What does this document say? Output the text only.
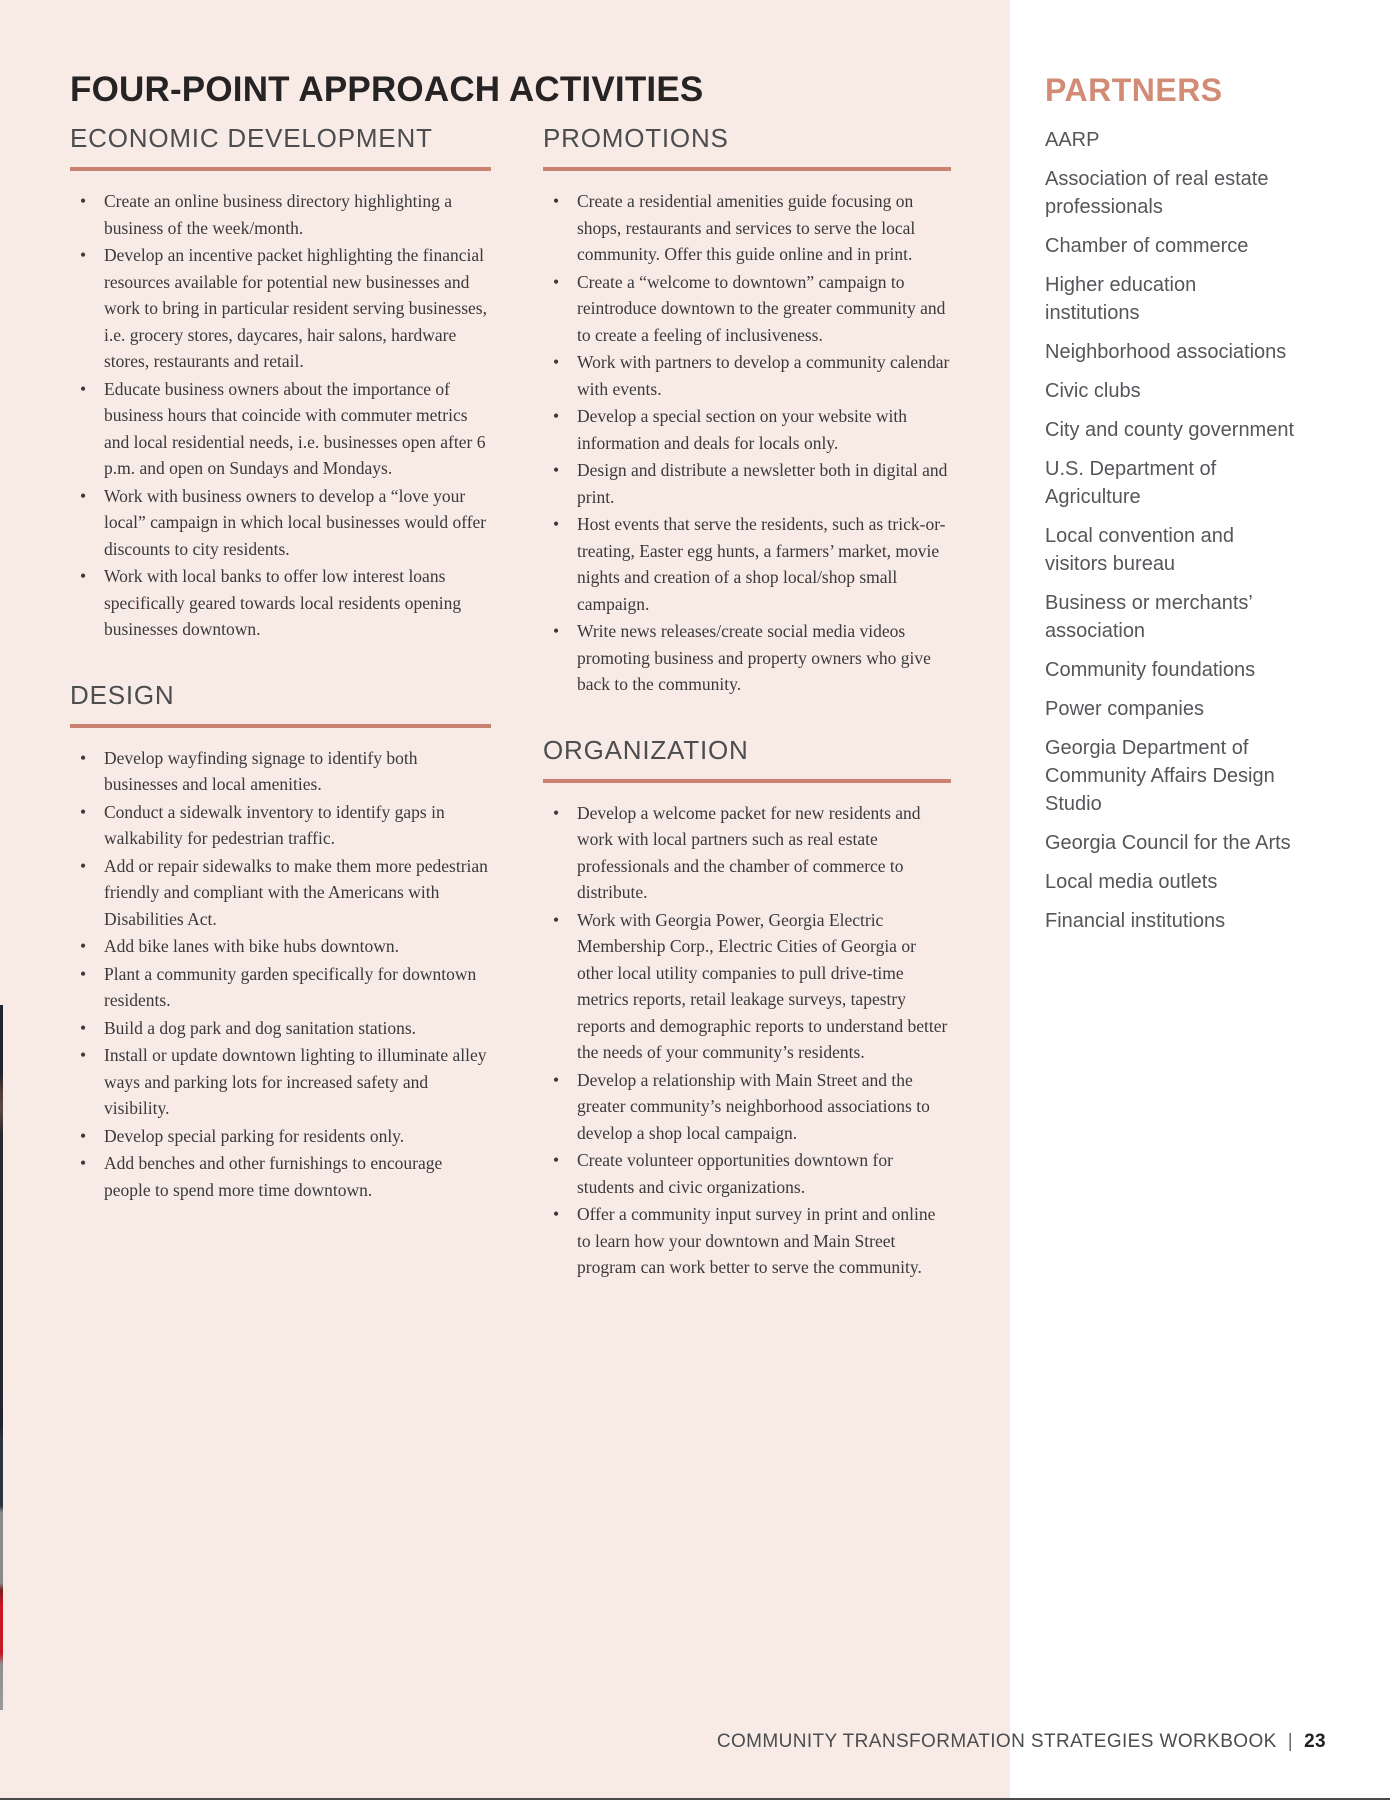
FOUR-POINT APPROACH ACTIVITIES
ECONOMIC DEVELOPMENT
• Create an online business directory highlighting a business of the week/month.
• Develop an incentive packet highlighting the financial resources available for potential new businesses and work to bring in particular resident serving businesses, i.e. grocery stores, daycares, hair salons, hardware stores, restaurants and retail.
• Educate business owners about the importance of business hours that coincide with commuter metrics and local residential needs, i.e. businesses open after 6 p.m. and open on Sundays and Mondays.
• Work with business owners to develop a “love your local” campaign in which local businesses would offer discounts to city residents.
• Work with local banks to offer low interest loans specifically geared towards local residents opening businesses downtown.
DESIGN
• Develop wayfinding signage to identify both businesses and local amenities.
• Conduct a sidewalk inventory to identify gaps in walkability for pedestrian traffic.
• Add or repair sidewalks to make them more pedestrian friendly and compliant with the Americans with Disabilities Act.
• Add bike lanes with bike hubs downtown.
• Plant a community garden specifically for downtown residents.
• Build a dog park and dog sanitation stations.
• Install or update downtown lighting to illuminate alley ways and parking lots for increased safety and visibility.
• Develop special parking for residents only.
• Add benches and other furnishings to encourage people to spend more time downtown.
PROMOTIONS
• Create a residential amenities guide focusing on shops, restaurants and services to serve the local community. Offer this guide online and in print.
• Create a “welcome to downtown” campaign to reintroduce downtown to the greater community and to create a feeling of inclusiveness.
• Work with partners to develop a community calendar with events.
• Develop a special section on your website with information and deals for locals only.
• Design and distribute a newsletter both in digital and print.
• Host events that serve the residents, such as trick-or-treating, Easter egg hunts, a farmers’ market, movie nights and creation of a shop local/shop small campaign.
• Write news releases/create social media videos promoting business and property owners who give back to the community.
ORGANIZATION
• Develop a welcome packet for new residents and work with local partners such as real estate professionals and the chamber of commerce to distribute.
• Work with Georgia Power, Georgia Electric Membership Corp., Electric Cities of Georgia or other local utility companies to pull drive-time metrics reports, retail leakage surveys, tapestry reports and demographic reports to understand better the needs of your community’s residents.
• Develop a relationship with Main Street and the greater community’s neighborhood associations to develop a shop local campaign.
• Create volunteer opportunities downtown for students and civic organizations.
• Offer a community input survey in print and online to learn how your downtown and Main Street program can work better to serve the community.
PARTNERS
AARP
Association of real estate professionals
Chamber of commerce
Higher education institutions
Neighborhood associations
Civic clubs
City and county government
U.S. Department of Agriculture
Local convention and visitors bureau
Business or merchants’ association
Community foundations
Power companies
Georgia Department of Community Affairs Design Studio
Georgia Council for the Arts
Local media outlets
Financial institutions
COMMUNITY TRANSFORMATION STRATEGIES WORKBOOK | 23
